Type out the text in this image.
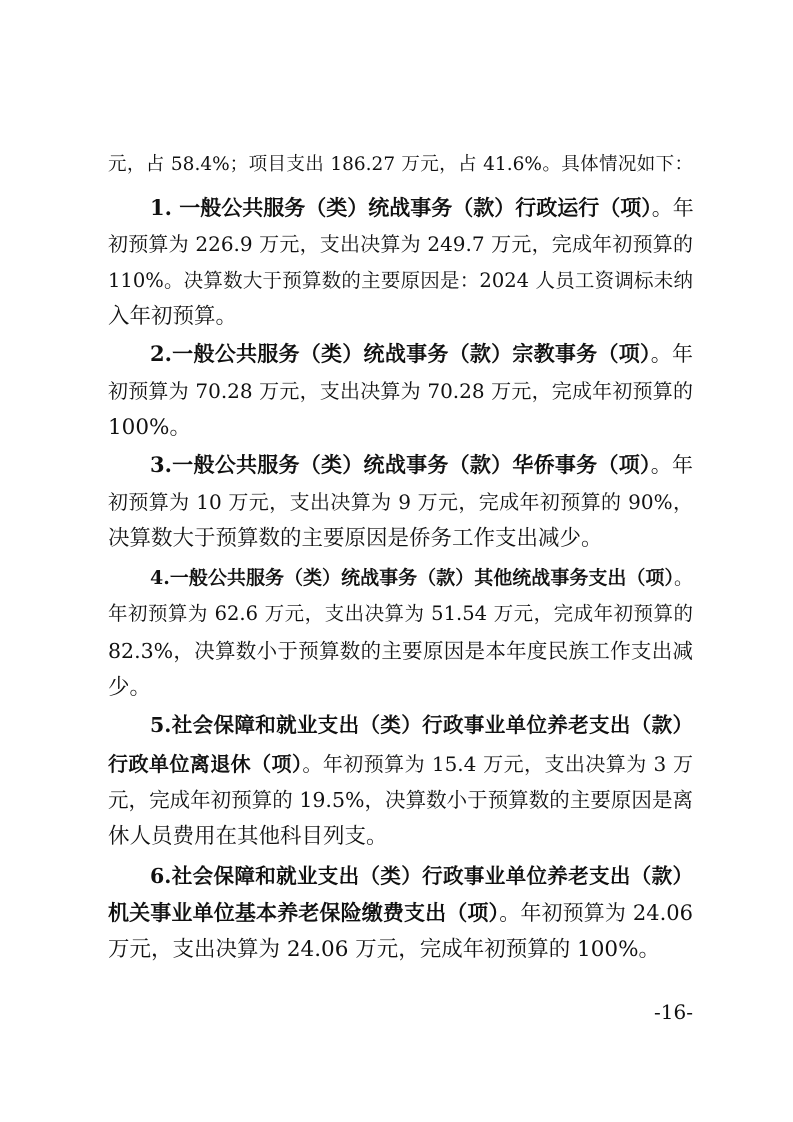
元，占 58.4%；项目支出 186.27 万元，占 41.6%。具体情况如下：
1. 一般公共服务（类）统战事务（款）行政运行（项）。年
初预算为 226.9 万元，支出决算为 249.7 万元，完成年初预算的
110%。决算数大于预算数的主要原因是：2024 人员工资调标未纳
入年初预算。
2.一般公共服务（类）统战事务（款）宗教事务（项）。年
初预算为 70.28 万元，支出决算为 70.28 万元，完成年初预算的
100%。
3.一般公共服务（类）统战事务（款）华侨事务（项）。年
初预算为 10 万元，支出决算为 9 万元，完成年初预算的 90%，
决算数大于预算数的主要原因是侨务工作支出减少。
4.一般公共服务（类）统战事务（款）其他统战事务支出（项）。
年初预算为 62.6 万元，支出决算为 51.54 万元，完成年初预算的
82.3%，决算数小于预算数的主要原因是本年度民族工作支出减
少。
5.社会保障和就业支出（类）行政事业单位养老支出（款）
行政单位离退休（项）。年初预算为 15.4 万元，支出决算为 3 万
元，完成年初预算的 19.5%，决算数小于预算数的主要原因是离
休人员费用在其他科目列支。
6.社会保障和就业支出（类）行政事业单位养老支出（款）
机关事业单位基本养老保险缴费支出（项）。年初预算为 24.06
万元，支出决算为 24.06 万元，完成年初预算的 100%。
-16-
